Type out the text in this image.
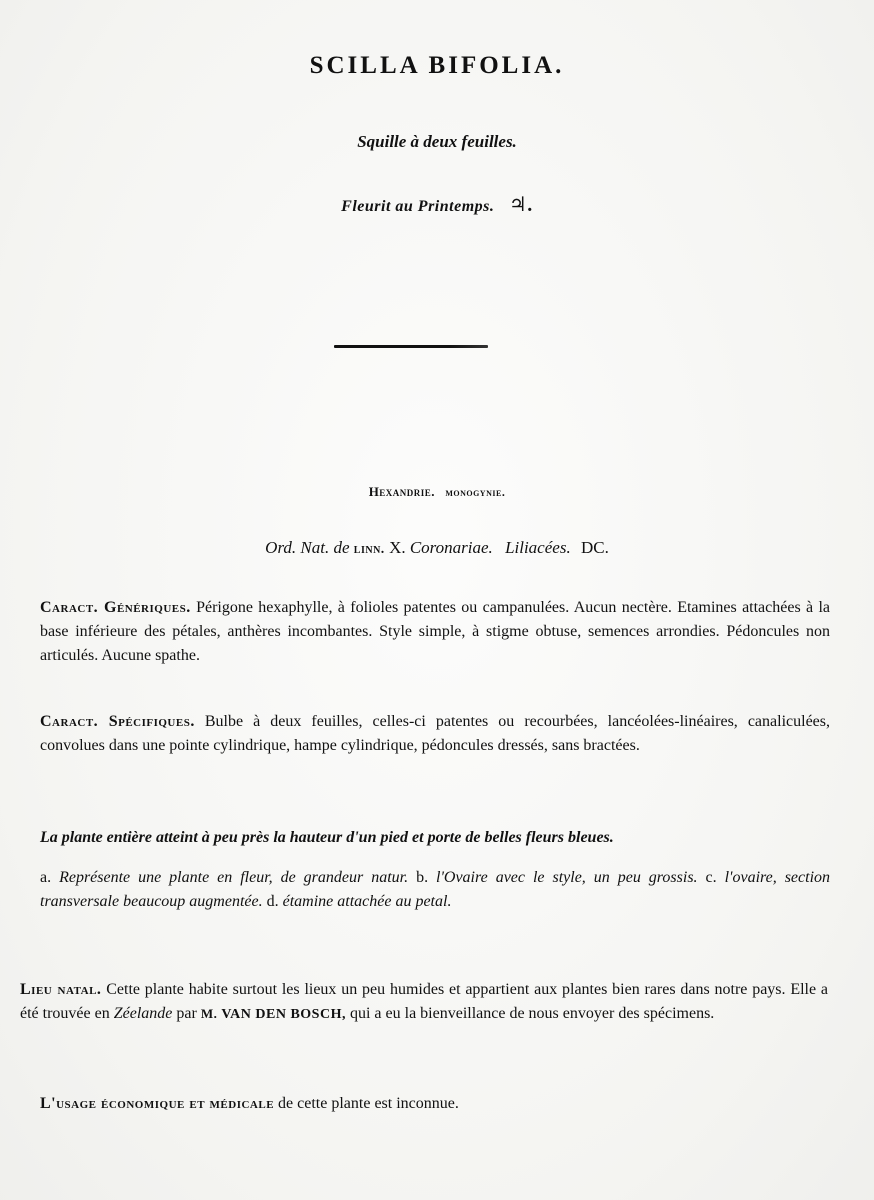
SCILLA BIFOLIA.
Squille à deux feuilles.
Fleurit au Printemps. ♃.
Hexandrie. monogynie.
Ord. Nat. de linn. X. Coronariae. Liliacées. DC.
Caract. Génériques. Périgone hexaphylle, à folioles patentes ou campanulées. Aucun nectère. Etamines attachées à la base inférieure des pétales, anthères incombantes. Style simple, à stigme obtuse, semences arrondies. Pédoncules non articulés. Aucune spathe.
Caract. Spécifiques. Bulbe à deux feuilles, celles-ci patentes ou recourbées, lancéolées-linéaires, canaliculées, convolues dans une pointe cylindrique, hampe cylindrique, pédoncules dressés, sans bractées.
La plante entière atteint à peu près la hauteur d'un pied et porte de belles fleurs bleues.
a. Représente une plante en fleur, de grandeur natur. b. l'Ovaire avec le style, un peu grossis. c. l'ovaire, section transversale beaucoup augmentée. d. étamine attachée au petal.
Lieu natal. Cette plante habite surtout les lieux un peu humides et appartient aux plantes bien rares dans notre pays. Elle a été trouvée en Zéelande par M. VAN DEN BOSCH, qui a eu la bienveillance de nous envoyer des spécimens.
L'usage économique et médicale de cette plante est inconnue.
